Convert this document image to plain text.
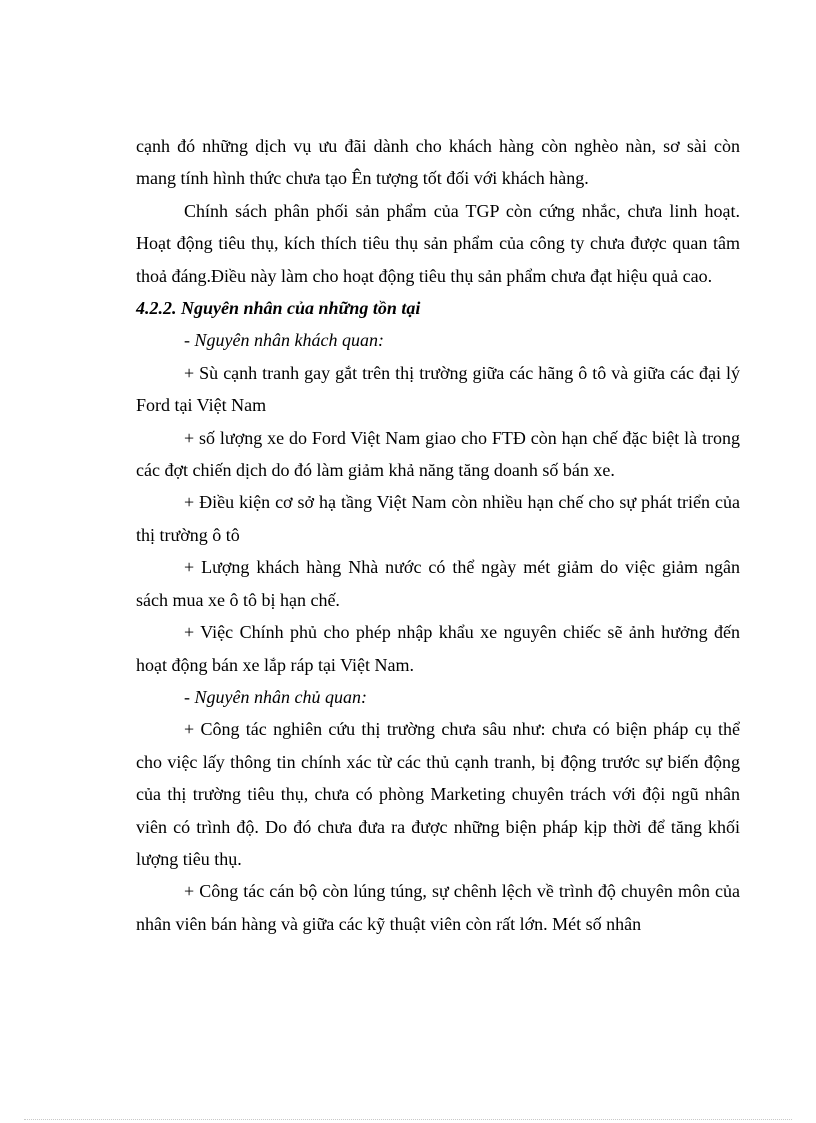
cạnh đó những dịch vụ ưu đãi dành cho khách hàng còn nghèo nàn, sơ sài còn mang tính hình thức chưa tạo Ên tượng tốt đối với khách hàng.

Chính sách phân phối sản phẩm của TGP còn cứng nhắc, chưa linh hoạt. Hoạt động tiêu thụ, kích thích tiêu thụ sản phẩm của công ty chưa được quan tâm thoả đáng.Điều này làm cho hoạt động tiêu thụ sản phẩm chưa đạt hiệu quả cao.

4.2.2. Nguyên nhân của những tồn tại

- Nguyên nhân khách quan:

+ Sù cạnh tranh gay gắt trên thị trường giữa các hãng ô tô và giữa các đại lý Ford tại Việt Nam

+ số lượng xe do Ford Việt Nam giao cho FTĐ còn hạn chế đặc biệt là trong các đợt chiến dịch do đó làm giảm khả năng tăng doanh số bán xe.

+ Điều kiện cơ sở hạ tầng Việt Nam còn nhiều hạn chế cho sự phát triển của thị trường ô tô

+ Lượng khách hàng Nhà nước có thể ngày mét giảm do việc giảm ngân sách mua xe ô tô bị hạn chế.

+ Việc Chính phủ cho phép nhập khẩu xe nguyên chiếc sẽ ảnh hưởng đến hoạt động bán xe lắp ráp tại Việt Nam.

- Nguyên nhân chủ quan:

+ Công tác nghiên cứu thị trường chưa sâu như: chưa có biện pháp cụ thể cho việc lấy thông tin chính xác từ các thủ cạnh tranh, bị động trước sự biến động của thị trường tiêu thụ, chưa có phòng Marketing chuyên trách với đội ngũ nhân viên có trình độ. Do đó chưa đưa ra được những biện pháp kịp thời để tăng khối lượng tiêu thụ.

+ Công tác cán bộ còn lúng túng, sự chênh lệch về trình độ chuyên môn của nhân viên bán hàng và giữa các kỹ thuật viên còn rất lớn. Mét số nhân
